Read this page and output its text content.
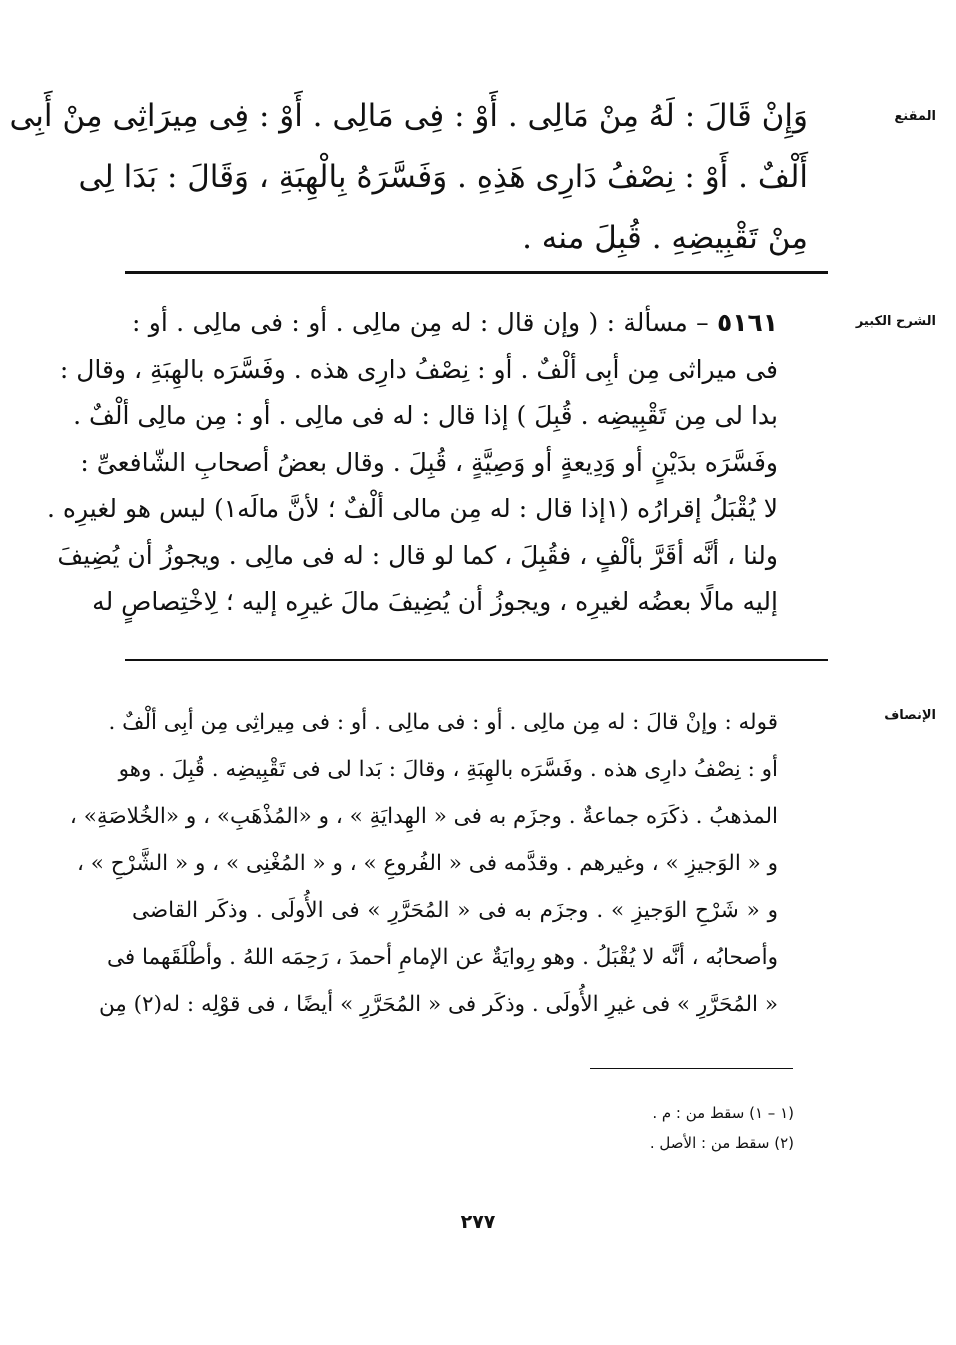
المقنع
الشرح الكبير
الإنصاف
وَإِنْ قَالَ : لَهُ مِنْ مَالِى . أَوْ : فِى مَالِى . أَوْ : فِى مِيرَاثِى مِنْ أَبِى
أَلْفٌ . أَوْ : نِصْفُ دَارِى هَذِهِ . وَفَسَّرَهُ بِالْهِبَةِ ، وَقَالَ : بَدَا لِى
مِنْ تَقْبِيضِهِ . قُبِلَ منه .
٥١٦١ – مسألة : ( وإن قال : له مِن مالِى . أو : فى مالِى . أو :
فى ميراثى مِن أبِى ألْفٌ . أو : نِصْفُ دارِى هذه . وفَسَّرَه بالهِبَةِ ، وقال :
بدا لى مِن تَقْبِيضِه . قُبِلَ ) إذا قال : له فى مالِى . أو : مِن مالِى ألْفٌ .
وفَسَّرَه بدَيْنٍ أو وَدِيعةٍ أو وَصِيَّةٍ ، قُبِلَ . وقال بعضُ أصحابِ الشّافعىِّ :
لا يُقْبَلُ إقرارُه (١إذا قال : له مِن مالى ألْفٌ ؛ لأنَّ مالَه١) ليس هو لغيرِه .
ولنا ، أنَّه أقَرَّ بألْفٍ ، فقُبِلَ ، كما لو قال : له فى مالِى . ويجوزُ أن يُضِيفَ
إليه مالًا بعضُه لغيرِه ، ويجوزُ أن يُضِيفَ مالَ غيرِه إليه ؛ لِاخْتِصاصٍ له
قوله : وإنْ قالَ : له مِن مالِى . أو : فى مالِى . أو : فى مِيراثِى مِن أبِى ألْفٌ .
أو : نِصْفُ دارِى هذه . وفَسَّرَه بالهِبَةِ ، وقالَ : بَدا لى فى تَقْبِيضِه . قُبِلَ . وهو
المذهبُ . ذكَرَه جماعةٌ . وجزَم به فى « الهِدايَةِ » ، و «المُذْهَبِ» ، و «الخُلاصَةِ» ،
و « الوَجيزِ » ، وغيرهم . وقدَّمه فى « الفُروعِ » ، و « المُغْنِى » ، و « الشَّرْحِ » ،
و « شَرْحِ الوَجيزِ » . وجزَم به فى « المُحَرَّرِ » فى الأُولَى . وذكَر القاضى
وأصحابُه ، أنَّه لا يُقْبَلُ . وهو رِوايَةٌ عن الإمامِ أحمدَ ، رَحِمَه اللهُ . وأطْلَقَهما فى
« المُحَرَّرِ » فى غيرِ الأُولَى . وذكَر فى « المُحَرَّرِ » أيضًا ، فى قوْلِه : له(٢) مِن
(١ – ١) سقط من : م .
(٢) سقط من : الأصل .
٢٧٧
